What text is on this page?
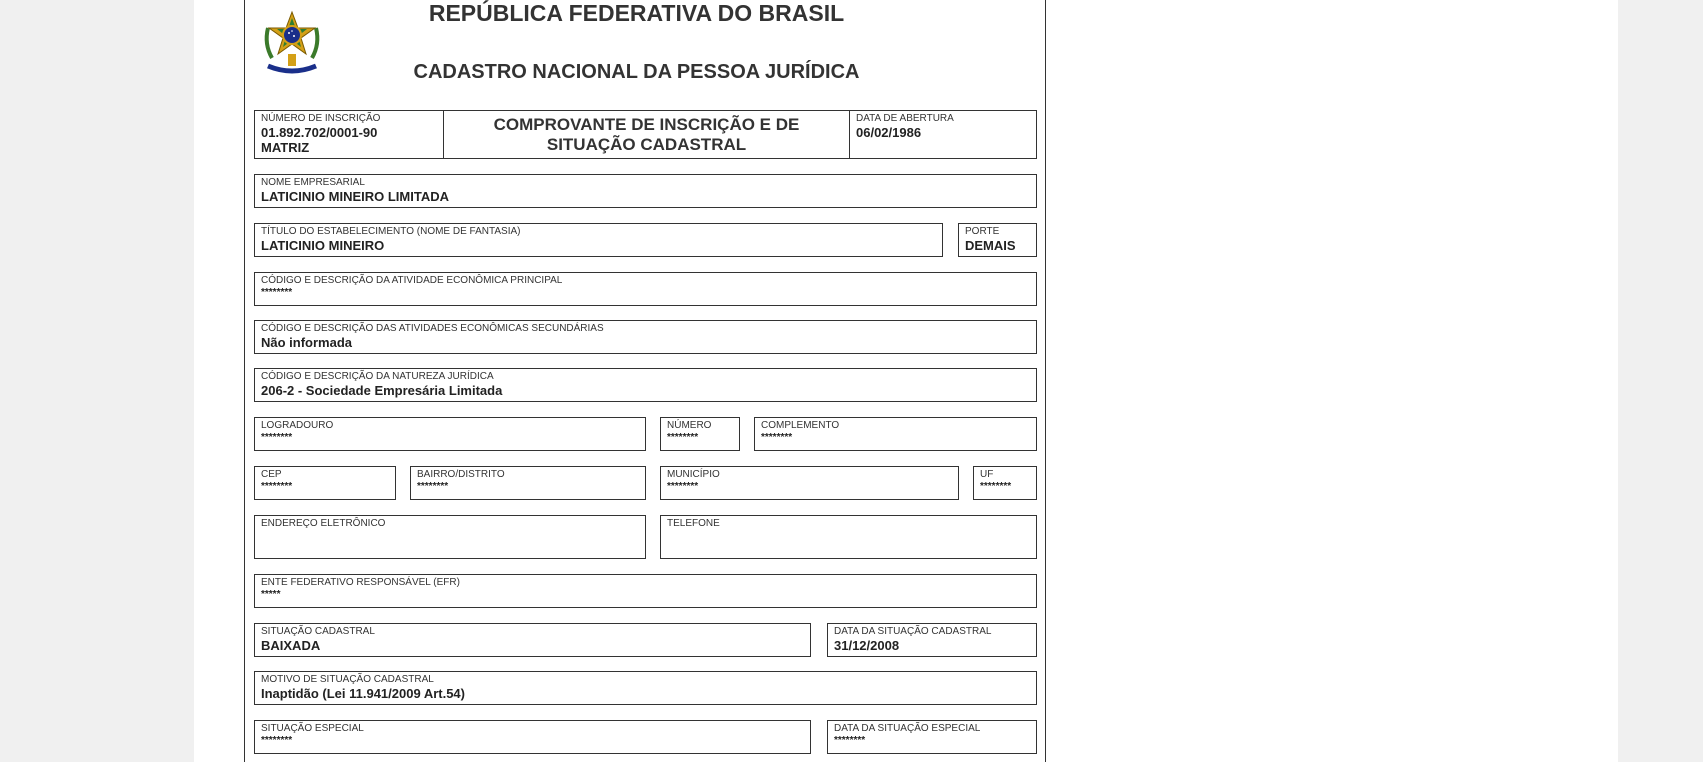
REPÚBLICA FEDERATIVA DO BRASIL
CADASTRO NACIONAL DA PESSOA JURÍDICA
NÚMERO DE INSCRIÇÃO
01.892.702/0001-90
MATRIZ
COMPROVANTE DE INSCRIÇÃO E DE SITUAÇÃO CADASTRAL
DATA DE ABERTURA
06/02/1986
NOME EMPRESARIAL
LATICINIO MINEIRO LIMITADA
TÍTULO DO ESTABELECIMENTO (NOME DE FANTASIA)
LATICINIO MINEIRO
PORTE
DEMAIS
CÓDIGO E DESCRIÇÃO DA ATIVIDADE ECONÔMICA PRINCIPAL
********
CÓDIGO E DESCRIÇÃO DAS ATIVIDADES ECONÔMICAS SECUNDÁRIAS
Não informada
CÓDIGO E DESCRIÇÃO DA NATUREZA JURÍDICA
206-2 - Sociedade Empresária Limitada
LOGRADOURO
********
NÚMERO
********
COMPLEMENTO
********
CEP
********
BAIRRO/DISTRITO
********
MUNICÍPIO
********
UF
********
ENDEREÇO ELETRÔNICO	TELEFONE
ENTE FEDERATIVO RESPONSÁVEL (EFR)
*****
SITUAÇÃO CADASTRAL
BAIXADA
DATA DA SITUAÇÃO CADASTRAL
31/12/2008
MOTIVO DE SITUAÇÃO CADASTRAL
Inaptidão (Lei 11.941/2009 Art.54)
SITUAÇÃO ESPECIAL
********
DATA DA SITUAÇÃO ESPECIAL
********
